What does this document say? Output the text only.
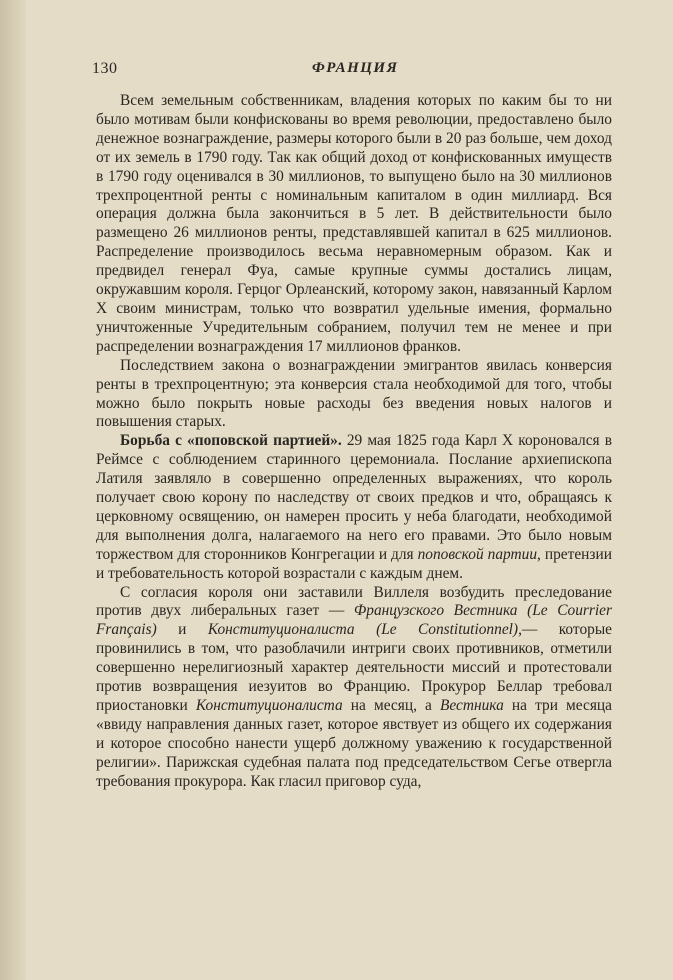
130	ФРАНЦИЯ

Всем земельным собственникам, владения которых по каким бы то ни было мотивам были конфискованы во время революции, предоставлено было денежное вознаграждение, размеры которого были в 20 раз больше, чем доход от их земель в 1790 году. Так как общий доход от конфискованных имуществ в 1790 году оценивался в 30 миллионов, то выпущено было на 30 миллионов трехпроцентной ренты с номинальным капиталом в один миллиард. Вся операция должна была закончиться в 5 лет. В действительности было размещено 26 миллионов ренты, представлявшей капитал в 625 миллионов. Распределение производилось весьма неравномерным образом. Как и предвидел генерал Фуа, самые крупные суммы достались лицам, окружавшим короля. Герцог Орлеанский, которому закон, навязанный Карлом X своим министрам, только что возвратил удельные имения, формально уничтоженные Учредительным собранием, получил тем не менее и при распределении вознаграждения 17 миллионов франков.

Последствием закона о вознаграждении эмигрантов явилась конверсия ренты в трехпроцентную; эта конверсия стала необходимой для того, чтобы можно было покрыть новые расходы без введения новых налогов и повышения старых.

Борьба с «поповской партией». 29 мая 1825 года Карл X короновался в Реймсе с соблюдением старинного церемониала. Послание архиепископа Латиля заявляло в совершенно определенных выражениях, что король получает свою корону по наследству от своих предков и что, обращаясь к церковному освящению, он намерен просить у неба благодати, необходимой для выполнения долга, налагаемого на него его правами. Это было новым торжеством для сторонников Конгрегации и для поповской партии, претензии и требовательность которой возрастали с каждым днем.

С согласия короля они заставили Виллеля возбудить преследование против двух либеральных газет — Французского Вестника (Le Courrier Français) и Конституционалиста (Le Constitutionnel),— которые провинились в том, что разоблачили интриги своих противников, отметили совершенно нерелигиозный характер деятельности миссий и протестовали против возвращения иезуитов во Францию. Прокурор Беллар требовал приостановки Конституционалиста на месяц, а Вестника на три месяца «ввиду направления данных газет, которое явствует из общего их содержания и которое способно нанести ущерб должному уважению к государственной религии». Парижская судебная палата под председательством Сегье отвергла требования прокурора. Как гласил приговор суда,
